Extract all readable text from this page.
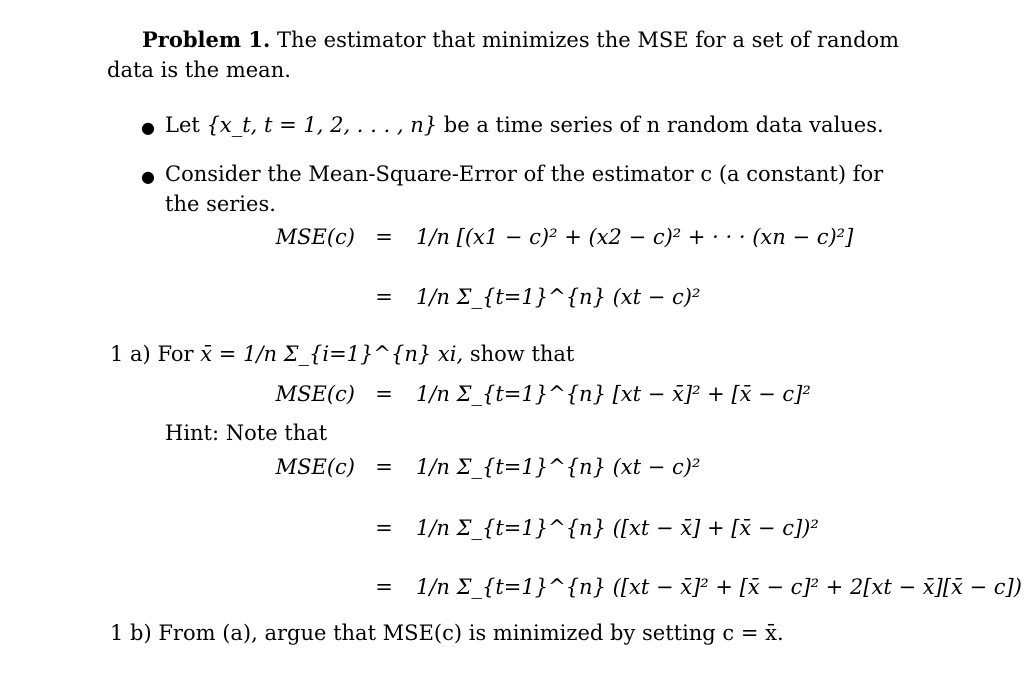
Problem 1. The estimator that minimizes the MSE for a set of random
data is the mean.
● Let {x_t, t = 1, 2, . . . , n} be a time series of n random data values.
● Consider the Mean-Square-Error of the estimator c (a constant) for
the series.
MSE(c) = 1/n [(x1 − c)² + (x2 − c)² + · · · (xn − c)²]
= 1/n Σ_{t=1}^{n} (xt − c)²
1 a) For x̄ = 1/n Σ_{i=1}^{n} xi, show that
MSE(c) = 1/n Σ_{t=1}^{n} [xt − x̄]² + [x̄ − c]²
Hint: Note that
MSE(c) = 1/n Σ_{t=1}^{n} (xt − c)²
= 1/n Σ_{t=1}^{n} ([xt − x̄] + [x̄ − c])²
= 1/n Σ_{t=1}^{n} ([xt − x̄]² + [x̄ − c]² + 2[xt − x̄][x̄ − c])
1 b) From (a), argue that MSE(c) is minimized by setting c = x̄.
